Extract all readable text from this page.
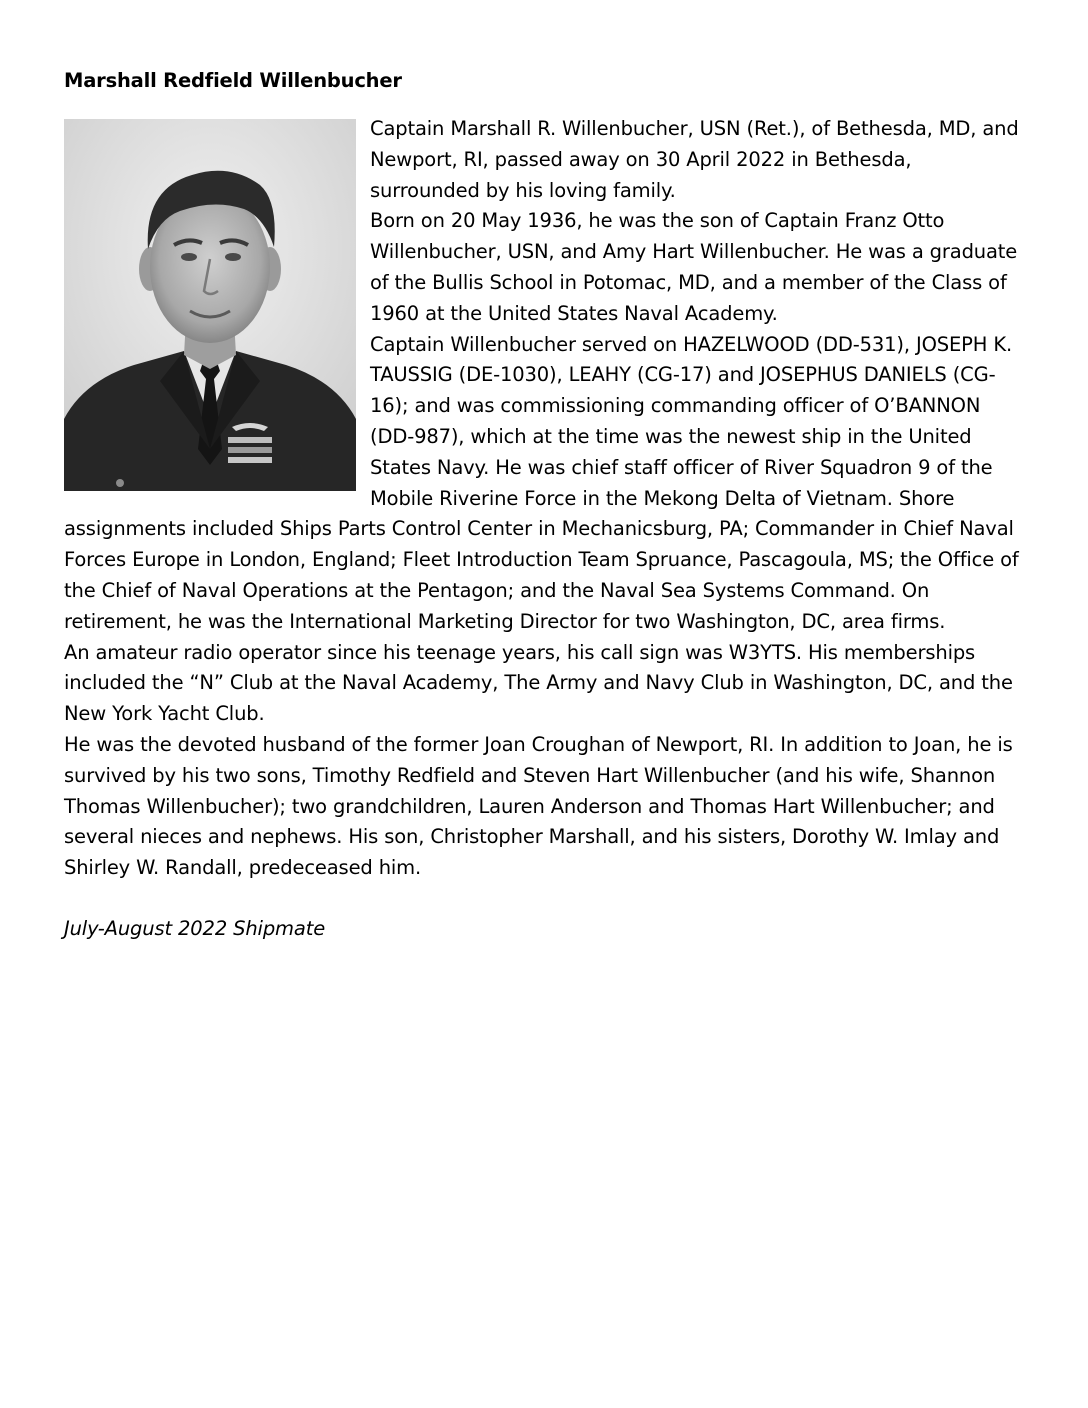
Marshall Redfield Willenbucher

Captain Marshall R. Willenbucher, USN (Ret.), of Bethesda, MD, and Newport, RI, passed away on 30 April 2022 in Bethesda, surrounded by his loving family.

Born on 20 May 1936, he was the son of Captain Franz Otto Willenbucher, USN, and Amy Hart Willenbucher. He was a graduate of the Bullis School in Potomac, MD, and a member of the Class of 1960 at the United States Naval Academy.

Captain Willenbucher served on HAZELWOOD (DD-531), JOSEPH K. TAUSSIG (DE-1030), LEAHY (CG-17) and JOSEPHUS DANIELS (CG-16); and was commissioning commanding officer of O’BANNON (DD-987), which at the time was the newest ship in the United States Navy. He was chief staff officer of River Squadron 9 of the Mobile Riverine Force in the Mekong Delta of Vietnam. Shore assignments included Ships Parts Control Center in Mechanicsburg, PA; Commander in Chief Naval Forces Europe in London, England; Fleet Introduction Team Spruance, Pascagoula, MS; the Office of the Chief of Naval Operations at the Pentagon; and the Naval Sea Systems Command. On retirement, he was the International Marketing Director for two Washington, DC, area firms.

An amateur radio operator since his teenage years, his call sign was W3YTS. His memberships included the “N” Club at the Naval Academy, The Army and Navy Club in Washington, DC, and the New York Yacht Club.

He was the devoted husband of the former Joan Croughan of Newport, RI. In addition to Joan, he is survived by his two sons, Timothy Redfield and Steven Hart Willenbucher (and his wife, Shannon Thomas Willenbucher); two grandchildren, Lauren Anderson and Thomas Hart Willenbucher; and several nieces and nephews. His son, Christopher Marshall, and his sisters, Dorothy W. Imlay and Shirley W. Randall, predeceased him.

July-August 2022 Shipmate
